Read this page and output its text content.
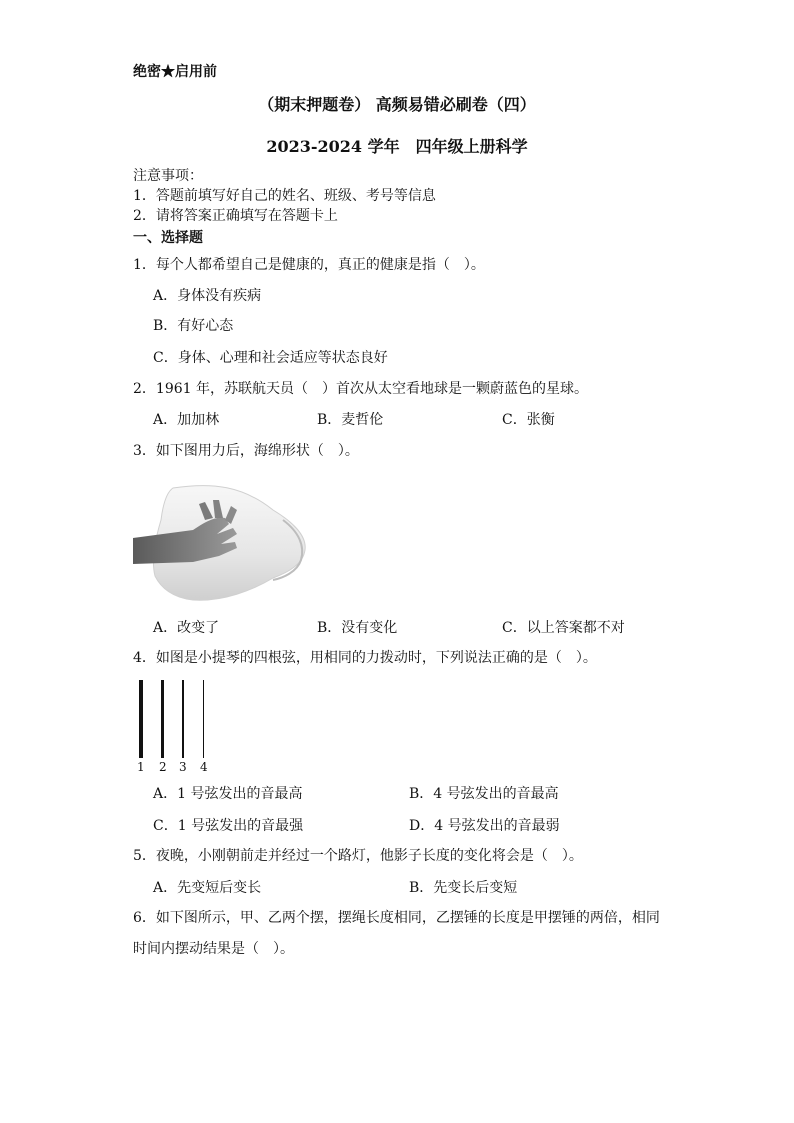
绝密★启用前
（期末押题卷） 高频易错必刷卷（四）
2023-2024 学年　四年级上册科学
注意事项：
1．答题前填写好自己的姓名、班级、考号等信息
2．请将答案正确填写在答题卡上
一、选择题
1．每个人都希望自己是健康的，真正的健康是指（　）。
A．身体没有疾病
B．有好心态
C．身体、心理和社会适应等状态良好
2．1961 年，苏联航天员（　）首次从太空看地球是一颗蔚蓝色的星球。
A．加加林	B．麦哲伦	C．张衡
3．如下图用力后，海绵形状（　）。
A．改变了	B．没有变化	C．以上答案都不对
4．如图是小提琴的四根弦，用相同的力拨动时，下列说法正确的是（　）。
1 2 3 4
A．1 号弦发出的音最高	B．4 号弦发出的音最高
C．1 号弦发出的音最强	D．4 号弦发出的音最弱
5．夜晚，小刚朝前走并经过一个路灯，他影子长度的变化将会是（　）。
A．先变短后变长	B．先变长后变短
6．如下图所示，甲、乙两个摆，摆绳长度相同，乙摆锤的长度是甲摆锤的两倍，相同
时间内摆动结果是（　）。
